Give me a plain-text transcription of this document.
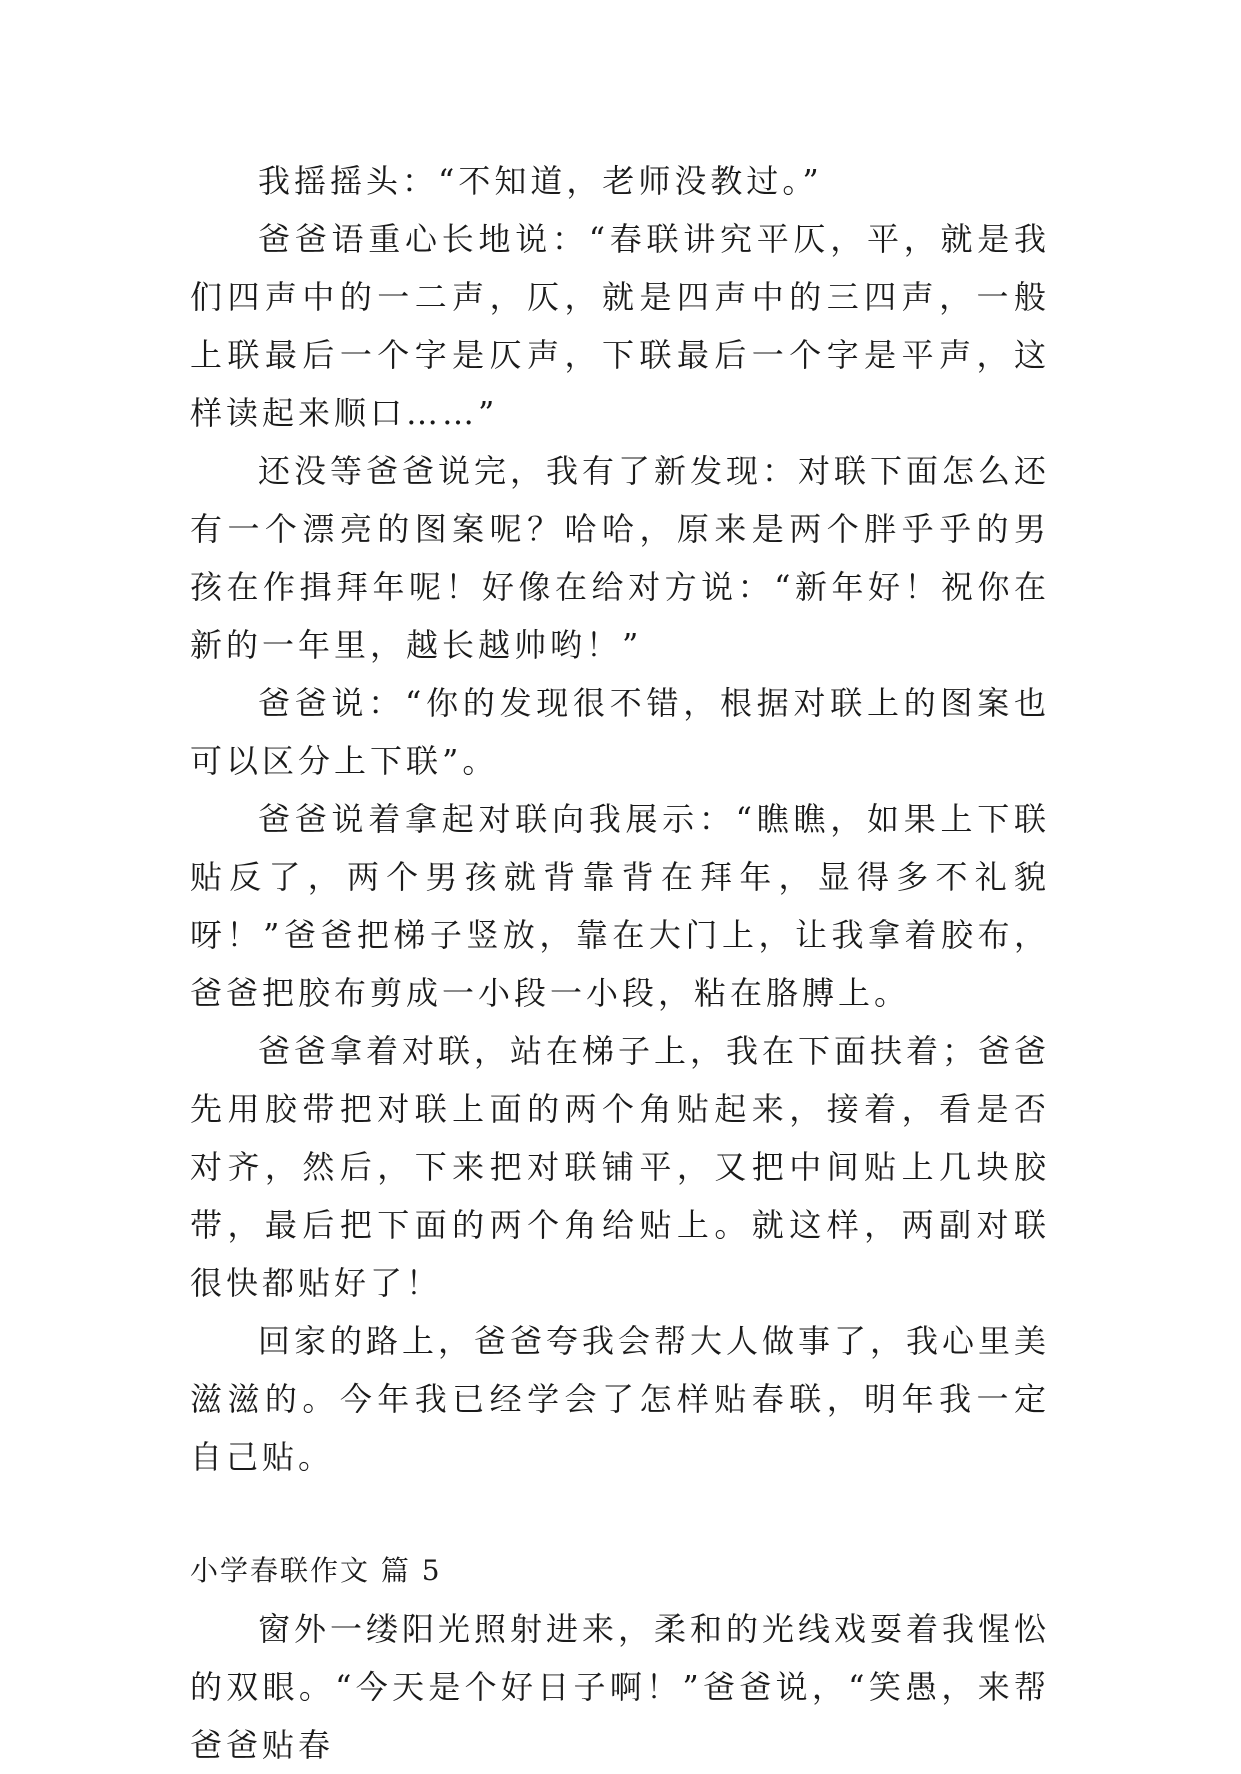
我摇摇头：“不知道，老师没教过。”

爸爸语重心长地说：“春联讲究平仄，平，就是我们四声中的一二声，仄，就是四声中的三四声，一般上联最后一个字是仄声，下联最后一个字是平声，这样读起来顺口……”

还没等爸爸说完，我有了新发现：对联下面怎么还有一个漂亮的图案呢？哈哈，原来是两个胖乎乎的男孩在作揖拜年呢！好像在给对方说：“新年好！祝你在新的一年里，越长越帅哟！”

爸爸说：“你的发现很不错，根据对联上的图案也可以区分上下联”。

爸爸说着拿起对联向我展示：“瞧瞧，如果上下联贴反了，两个男孩就背靠背在拜年，显得多不礼貌呀！”爸爸把梯子竖放，靠在大门上，让我拿着胶布，爸爸把胶布剪成一小段一小段，粘在胳膊上。

爸爸拿着对联，站在梯子上，我在下面扶着；爸爸先用胶带把对联上面的两个角贴起来，接着，看是否对齐，然后，下来把对联铺平，又把中间贴上几块胶带，最后把下面的两个角给贴上。就这样，两副对联很快都贴好了！

回家的路上，爸爸夸我会帮大人做事了，我心里美滋滋的。今年我已经学会了怎样贴春联，明年我一定自己贴。

小学春联作文 篇 5

窗外一缕阳光照射进来，柔和的光线戏耍着我惺忪的双眼。“今天是个好日子啊！”爸爸说，“笑愚，来帮爸爸贴春
